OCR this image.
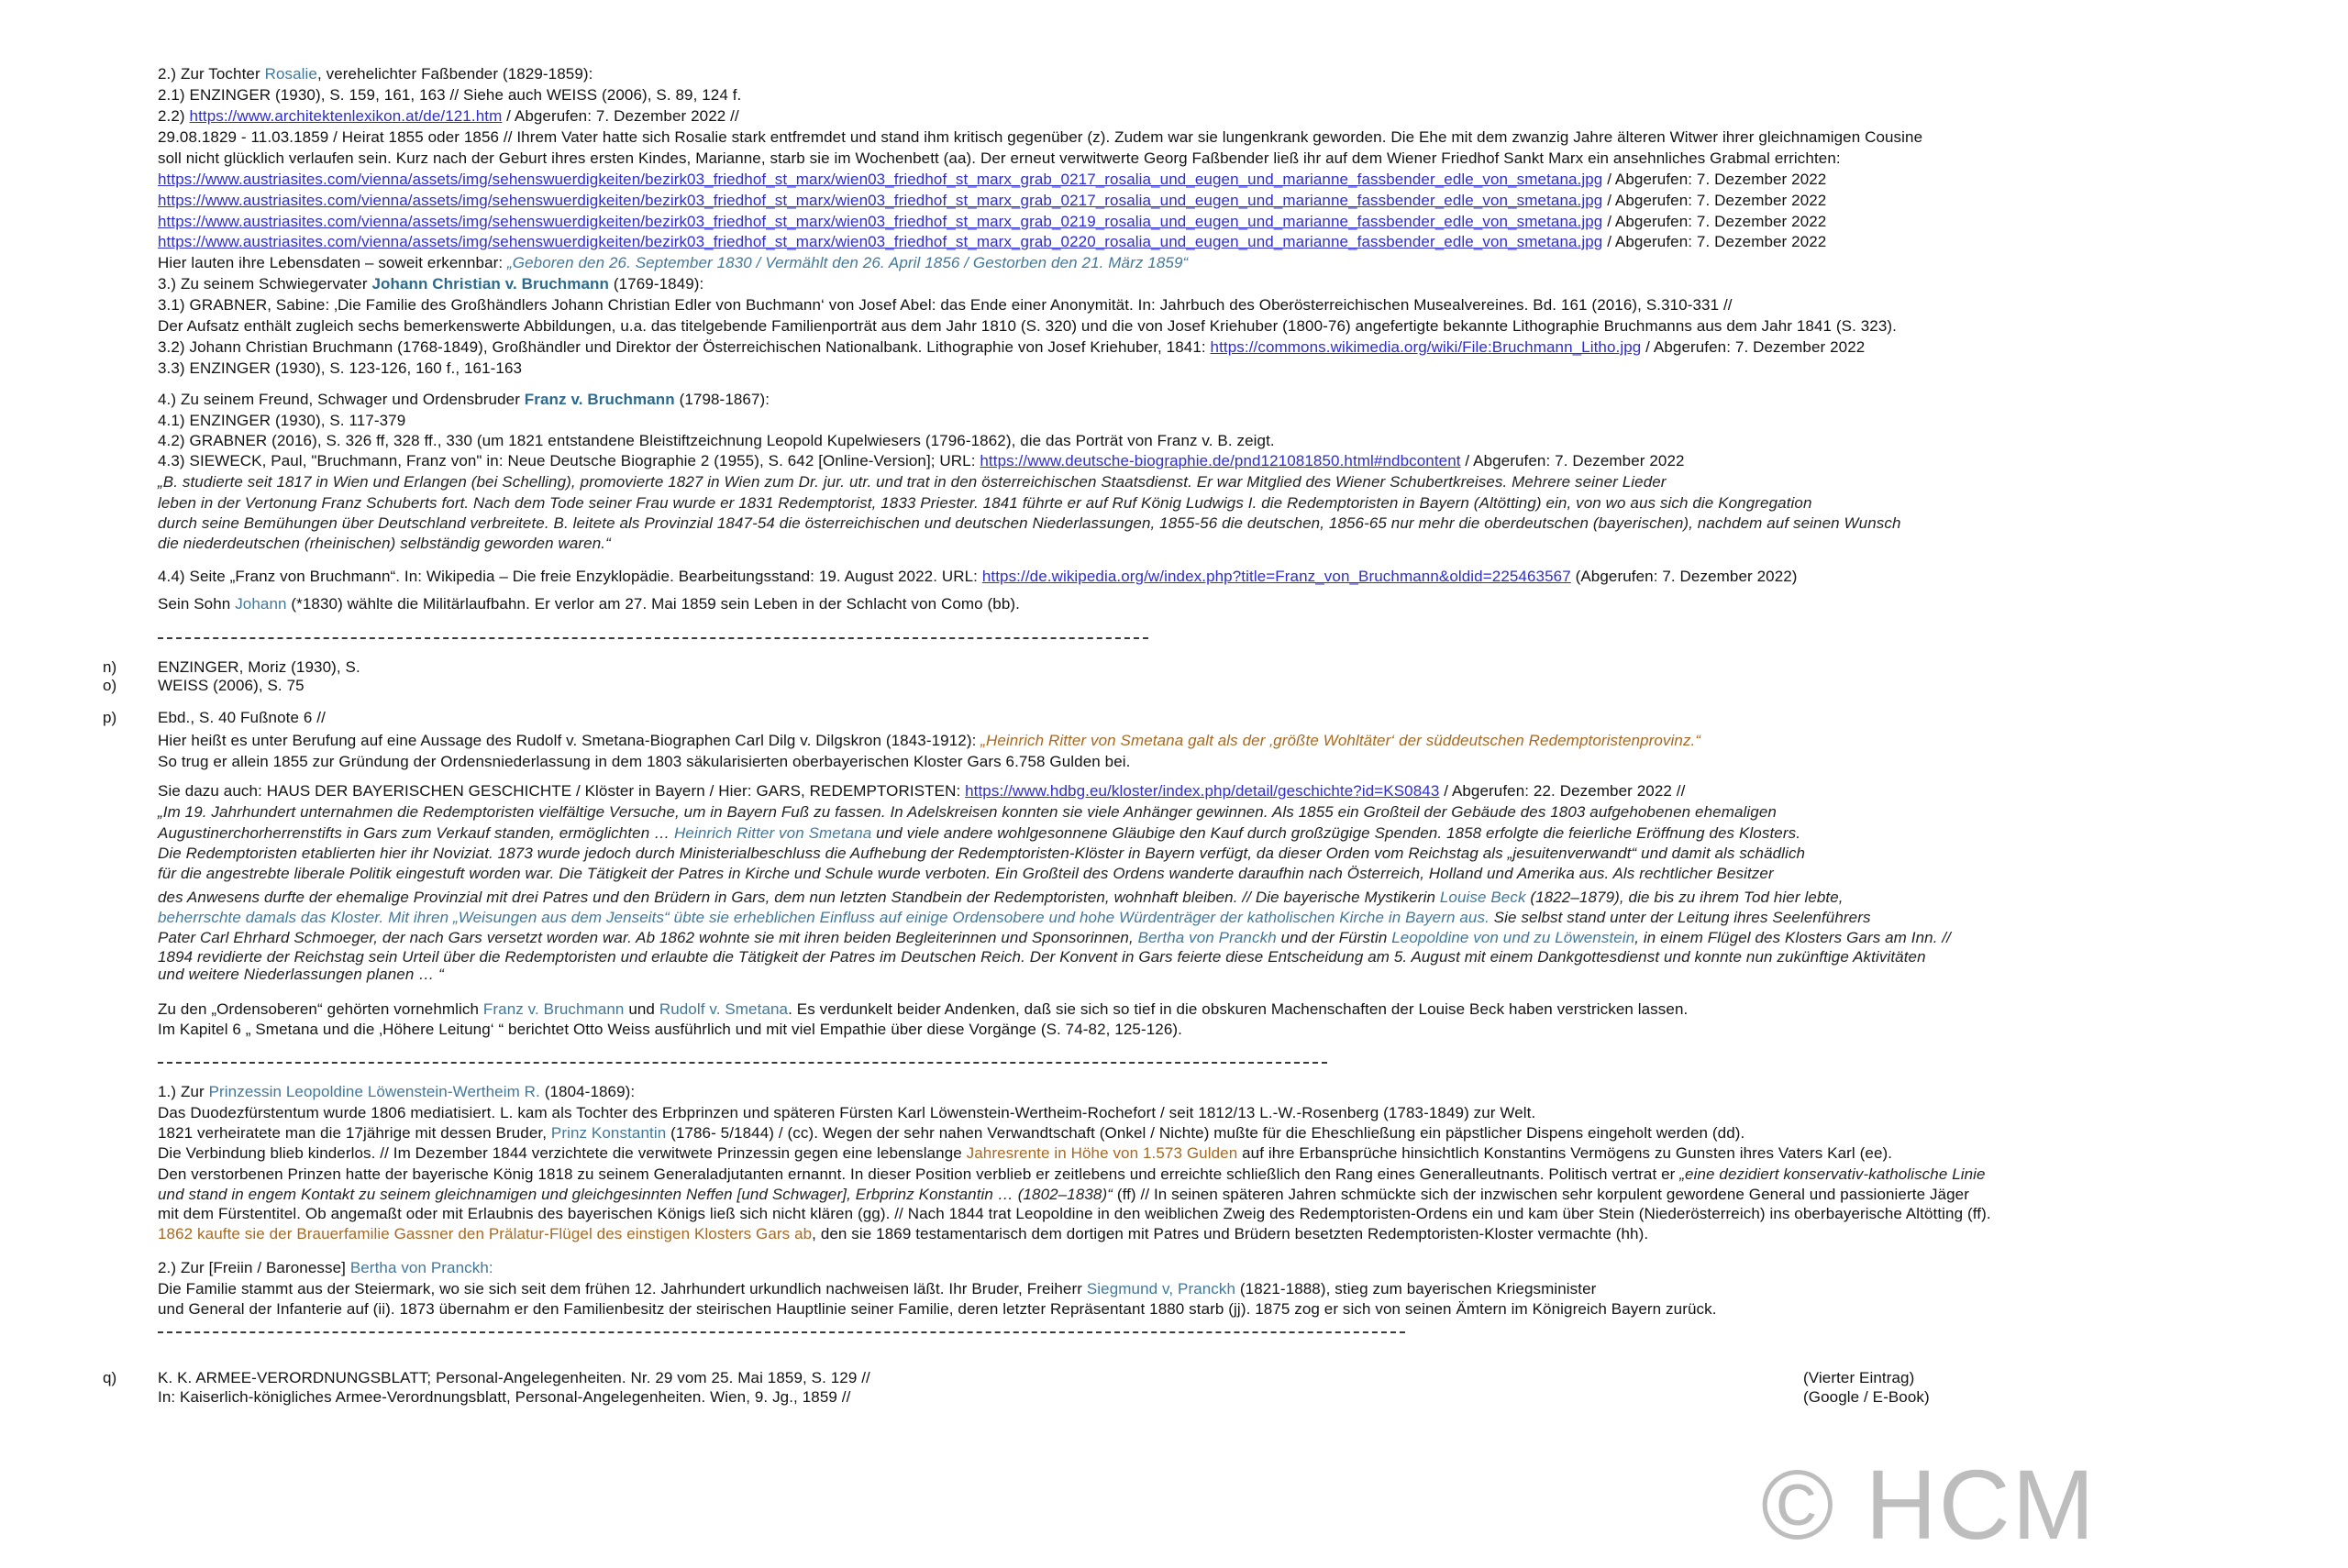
2.) Zur Tochter Rosalie, verehelichter Faßbender (1829-1859):
2.1) ENZINGER (1930), S. 159, 161, 163 // Siehe auch WEISS (2006), S. 89, 124 f.
2.2) https://www.architektenlexikon.at/de/121.htm / Abgerufen: 7. Dezember 2022 //
29.08.1829 - 11.03.1859 / Heirat 1855 oder 1856 // Ihrem Vater hatte sich Rosalie stark entfremdet und stand ihm kritisch gegenüber (z). Zudem war sie lungenkrank geworden. Die Ehe mit dem zwanzig Jahre älteren Witwer ihrer gleichnamigen Cousine
soll nicht glücklich verlaufen sein. Kurz nach der Geburt ihres ersten Kindes, Marianne, starb sie im Wochenbett (aa). Der erneut verwitwerte Georg Faßbender ließ ihr auf dem Wiener Friedhof Sankt Marx ein ansehnliches Grabmal errichten:
https://www.austriasites.com/vienna/assets/img/sehenswuerdigkeiten/bezirk03_friedhof_st_marx/wien03_friedhof_st_marx_grab_0217_rosalia_und_eugen_und_marianne_fassbender_edle_von_smetana.jpg / Abgerufen: 7. Dezember 2022
https://www.austriasites.com/vienna/assets/img/sehenswuerdigkeiten/bezirk03_friedhof_st_marx/wien03_friedhof_st_marx_grab_0217_rosalia_und_eugen_und_marianne_fassbender_edle_von_smetana.jpg / Abgerufen: 7. Dezember 2022
https://www.austriasites.com/vienna/assets/img/sehenswuerdigkeiten/bezirk03_friedhof_st_marx/wien03_friedhof_st_marx_grab_0219_rosalia_und_eugen_und_marianne_fassbender_edle_von_smetana.jpg / Abgerufen: 7. Dezember 2022
https://www.austriasites.com/vienna/assets/img/sehenswuerdigkeiten/bezirk03_friedhof_st_marx/wien03_friedhof_st_marx_grab_0220_rosalia_und_eugen_und_marianne_fassbender_edle_von_smetana.jpg / Abgerufen: 7. Dezember 2022
Hier lauten ihre Lebensdaten – soweit erkennbar: „Geboren den 26. September 1830 / Vermählt den 26. April 1856 / Gestorben den 21. März 1859“
3.) Zu seinem Schwiegervater Johann Christian v. Bruchmann (1769-1849):
3.1) GRABNER, Sabine: ‚Die Familie des Großhändlers Johann Christian Edler von Buchmann‘ von Josef Abel: das Ende einer Anonymität. In: Jahrbuch des Oberösterreichischen Musealvereines. Bd. 161 (2016), S.310-331 //
Der Aufsatz enthält zugleich sechs bemerkenswerte Abbildungen, u.a. das titelgebende Familienporträt aus dem Jahr 1810 (S. 320) und die von Josef Kriehuber (1800-76) angefertigte bekannte Lithographie Bruchmanns aus dem Jahr 1841 (S. 323).
3.2) Johann Christian Bruchmann (1768-1849), Großhändler und Direktor der Österreichischen Nationalbank. Lithographie von Josef Kriehuber, 1841: https://commons.wikimedia.org/wiki/File:Bruchmann_Litho.jpg / Abgerufen: 7. Dezember 2022
3.3) ENZINGER (1930), S. 123-126, 160 f., 161-163
4.) Zu seinem Freund, Schwager und Ordensbruder Franz v. Bruchmann (1798-1867):
4.1) ENZINGER (1930), S. 117-379
4.2) GRABNER (2016), S. 326 ff, 328 ff., 330 (um 1821 entstandene Bleistiftzeichnung Leopold Kupelwiesers (1796-1862), die das Porträt von Franz v. B. zeigt.
4.3) SIEWECK, Paul, "Bruchmann, Franz von" in: Neue Deutsche Biographie 2 (1955), S. 642 [Online-Version]; URL: https://www.deutsche-biographie.de/pnd121081850.html#ndbcontent / Abgerufen: 7. Dezember 2022
„B. studierte seit 1817 in Wien und Erlangen (bei Schelling), promovierte 1827 in Wien zum Dr. jur. utr. und trat in den österreichischen Staatsdienst. Er war Mitglied des Wiener Schubertkreises. Mehrere seiner Lieder
leben in der Vertonung Franz Schuberts fort. Nach dem Tode seiner Frau wurde er 1831 Redemptorist, 1833 Priester. 1841 führte er auf Ruf König Ludwigs I. die Redemptoristen in Bayern (Altötting) ein, von wo aus sich die Kongregation
durch seine Bemühungen über Deutschland verbreitete. B. leitete als Provinzial 1847-54 die österreichischen und deutschen Niederlassungen, 1855-56 die deutschen, 1856-65 nur mehr die oberdeutschen (bayerischen), nachdem auf seinen Wunsch
die niederdeutschen (rheinischen) selbständig geworden waren.“
4.4) Seite „Franz von Bruchmann“. In: Wikipedia – Die freie Enzyklopädie. Bearbeitungsstand: 19. August 2022. URL: https://de.wikipedia.org/w/index.php?title=Franz_von_Bruchmann&oldid=225463567 (Abgerufen: 7. Dezember 2022)
Sein Sohn Johann (*1830) wählte die Militärlaufbahn. Er verlor am 27. Mai 1859 sein Leben in der Schlacht von Como (bb).
n)	ENZINGER, Moriz (1930), S.
o)	WEISS (2006), S. 75
p)	Ebd., S. 40 Fußnote 6 //
Hier heißt es unter Berufung auf eine Aussage des Rudolf v. Smetana-Biographen Carl Dilg v. Dilgskron (1843-1912): „Heinrich Ritter von Smetana galt als der ‚größte Wohltäter‘ der süddeutschen Redemptoristenprovinz.“
So trug er allein 1855 zur Gründung der Ordensniederlassung in dem 1803 säkularisierten oberbayerischen Kloster Gars 6.758 Gulden bei.
Sie dazu auch: HAUS DER BAYERISCHEN GESCHICHTE / Klöster in Bayern / Hier: GARS, REDEMPTORISTEN: https://www.hdbg.eu/kloster/index.php/detail/geschichte?id=KS0843 / Abgerufen: 22. Dezember 2022 //
„Im 19. Jahrhundert unternahmen die Redemptoristen vielfältige Versuche, um in Bayern Fuß zu fassen. In Adelskreisen konnten sie viele Anhänger gewinnen. Als 1855 ein Großteil der Gebäude des 1803 aufgehobenen ehemaligen
Augustinerchorherrenstifts in Gars zum Verkauf standen, ermöglichten … Heinrich Ritter von Smetana und viele andere wohlgesonnene Gläubige den Kauf durch großzügige Spenden. 1858 erfolgte die feierliche Eröffnung des Klosters.
Die Redemptoristen etablierten hier ihr Noviziat. 1873 wurde jedoch durch Ministerialbeschluss die Aufhebung der Redemptoristen-Klöster in Bayern verfügt, da dieser Orden vom Reichstag als „jesuitenverwandt“ und damit als schädlich
für die angestrebte liberale Politik eingestuft worden war. Die Tätigkeit der Patres in Kirche und Schule wurde verboten. Ein Großteil des Ordens wanderte daraufhin nach Österreich, Holland und Amerika aus. Als rechtlicher Besitzer
des Anwesens durfte der ehemalige Provinzial mit drei Patres und den Brüdern in Gars, dem nun letzten Standbein der Redemptoristen, wohnhaft bleiben. // Die bayerische Mystikerin Louise Beck (1822–1879), die bis zu ihrem Tod hier lebte,
beherrschte damals das Kloster. Mit ihren „Weisungen aus dem Jenseits“ übte sie erheblichen Einfluss auf einige Ordensobere und hohe Würdenträger der katholischen Kirche in Bayern aus. Sie selbst stand unter der Leitung ihres Seelenführers
Pater Carl Ehrhard Schmoeger, der nach Gars versetzt worden war. Ab 1862 wohnte sie mit ihren beiden Begleiterinnen und Sponsorinnen, Bertha von Pranckh und der Fürstin Leopoldine von und zu Löwenstein, in einem Flügel des Klosters Gars am Inn. //
1894 revidierte der Reichstag sein Urteil über die Redemptoristen und erlaubte die Tätigkeit der Patres im Deutschen Reich. Der Konvent in Gars feierte diese Entscheidung am 5. August mit einem Dankgottesdienst und konnte nun zukünftige Aktivitäten
und weitere Niederlassungen planen … “
Zu den „Ordensoberen“ gehörten vornehmlich Franz v. Bruchmann und Rudolf v. Smetana. Es verdunkelt beider Andenken, daß sie sich so tief in die obskuren Machenschaften der Louise Beck haben verstricken lassen.
Im Kapitel 6 „ Smetana und die ‚Höhere Leitung‘ “ berichtet Otto Weiss ausführlich und mit viel Empathie über diese Vorgänge (S. 74-82, 125-126).
1.) Zur Prinzessin Leopoldine Löwenstein-Wertheim R. (1804-1869):
Das Duodezfürstentum wurde 1806 mediatisiert. L. kam als Tochter des Erbprinzen und späteren Fürsten Karl Löwenstein-Wertheim-Rochefort / seit 1812/13 L.-W.-Rosenberg (1783-1849) zur Welt.
1821 verheiratete man die 17jährige mit dessen Bruder, Prinz Konstantin (1786- 5/1844) / (cc). Wegen der sehr nahen Verwandtschaft (Onkel / Nichte) mußte für die Eheschließung ein päpstlicher Dispens eingeholt werden (dd).
Die Verbindung blieb kinderlos. // Im Dezember 1844 verzichtete die verwitwete Prinzessin gegen eine lebenslange Jahresrente in Höhe von 1.573 Gulden auf ihre Erbansprüche hinsichtlich Konstantins Vermögens zu Gunsten ihres Vaters Karl (ee).
Den verstorbenen Prinzen hatte der bayerische König 1818 zu seinem Generaladjutanten ernannt. In dieser Position verblieb er zeitlebens und erreichte schließlich den Rang eines Generalleutnants. Politisch vertrat er „eine dezidiert konservativ-katholische Linie
und stand in engem Kontakt zu seinem gleichnamigen und gleichgesinnten Neffen [und Schwager], Erbprinz Konstantin … (1802–1838)“ (ff) // In seinen späteren Jahren schmückte sich der inzwischen sehr korpulent gewordene General und passionierte Jäger
mit dem Fürstentitel. Ob angemaßt oder mit Erlaubnis des bayerischen Königs ließ sich nicht klären (gg). // Nach 1844 trat Leopoldine in den weiblichen Zweig des Redemptoristen-Ordens ein und kam über Stein (Niederösterreich) ins oberbayerische Altötting (ff).
1862 kaufte sie der Brauerfamilie Gassner den Prälatur-Flügel des einstigen Klosters Gars ab, den sie 1869 testamentarisch dem dortigen mit Patres und Brüdern besetzten Redemptoristen-Kloster vermachte (hh).
2.) Zur [Freiin / Baronesse] Bertha von Pranckh:
Die Familie stammt aus der Steiermark, wo sie sich seit dem frühen 12. Jahrhundert urkundlich nachweisen läßt. Ihr Bruder, Freiherr Siegmund v, Pranckh (1821-1888), stieg zum bayerischen Kriegsminister
und General der Infanterie auf (ii). 1873 übernahm er den Familienbesitz der steirischen Hauptlinie seiner Familie, deren letzter Repräsentant 1880 starb (jj). 1875 zog er sich von seinen Ämtern im Königreich Bayern zurück.
q)	K. K. ARMEE-VERORDNUNGSBLATT; Personal-Angelegenheiten. Nr. 29 vom 25. Mai 1859, S. 129 //	(Vierter Eintrag)
In: Kaiserlich-königliches Armee-Verordnungsblatt, Personal-Angelegenheiten. Wien, 9. Jg., 1859 //	(Google / E-Book)
© HCM
